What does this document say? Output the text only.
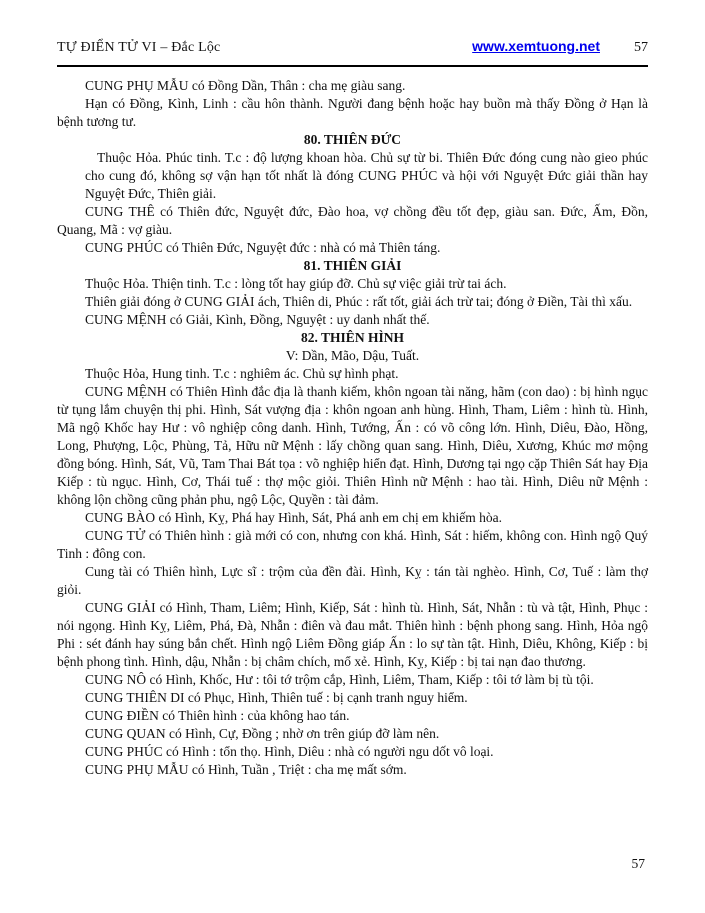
TỰ ĐIỂN TỬ VI – Đắc Lộc	www.xemtuong.net 57

CUNG PHỤ MẪU có Đồng Dần, Thân : cha mẹ giàu sang.

Hạn có Đồng, Kình, Linh : cầu hôn thành. Người đang bệnh hoặc hay buồn mà thấy Đồng ở Hạn là bệnh tương tư.

80. THIÊN ĐỨC

Thuộc Hỏa. Phúc tinh. T.c : độ lượng khoan hòa. Chủ sự từ bi. Thiên Đức đóng cung nào gieo phúc cho cung đó, không sợ vận hạn tốt nhất là đóng CUNG PHÚC và hội với Nguyệt Đức giải thần hay Nguyệt Đức, Thiên giải.

CUNG THÊ có Thiên đức, Nguyệt đức, Đào hoa, vợ chồng đều tốt đẹp, giàu san. Đức, Ấm, Đồn, Quang, Mã : vợ giàu.

CUNG PHÚC có Thiên Đức, Nguyệt đức : nhà có mả Thiên táng.

81. THIÊN GIẢI

Thuộc Hỏa. Thiện tinh. T.c : lòng tốt hay giúp đỡ. Chủ sự việc giải trừ tai ách.

Thiên giải đóng ở CUNG GIẢI ách, Thiên di, Phúc : rất tốt, giải ách trừ tai; đóng ở Điền, Tài thì xấu.

CUNG MỆNH có Giải, Kình, Đồng, Nguyệt : uy danh nhất thế.

82. THIÊN HÌNH

V: Dần, Mão, Dậu, Tuất.

Thuộc Hỏa, Hung tinh. T.c : nghiêm ác. Chủ sự hình phạt.

CUNG MỆNH có Thiên Hình đắc địa là thanh kiếm, khôn ngoan tài năng, hãm (con dao) : bị hình ngục từ tụng lắm chuyện thị phi. Hình, Sát vượng địa : khôn ngoan anh hùng. Hình, Tham, Liêm : hình tù. Hình, Mã ngộ Khốc hay Hư : vô nghiệp công danh. Hình, Tướng, Ấn : có võ công lớn. Hình, Diêu, Đào, Hồng, Long, Phượng, Lộc, Phùng, Tả, Hữu nữ Mệnh : lấy chồng quan sang. Hình, Diêu, Xương, Khúc mơ mộng đồng bóng. Hình, Sát, Vũ, Tam Thai Bát tọa : võ nghiệp hiển đạt. Hình, Dương tại ngọ cặp Thiên Sát hay Địa Kiếp : tù ngục. Hình, Cơ, Thái tuế : thợ mộc giỏi. Thiên Hình nữ Mệnh : hao tài. Hình, Diêu nữ Mệnh : không lộn chồng cũng phản phu, ngộ Lộc, Quyền : tài đảm.

CUNG BÀO có Hình, Kỵ, Phá hay Hình, Sát, Phá anh em chị em khiếm hòa.

CUNG TỬ có Thiên hình : già mới có con, nhưng con khá. Hình, Sát : hiếm, không con. Hình ngộ Quý Tinh : đông con.

Cung tài có Thiên hình, Lực sĩ : trộm của đền đài. Hình, Kỵ : tán tài nghèo. Hình, Cơ, Tuế : làm thợ giỏi.

CUNG GIẢI có Hình, Tham, Liêm; Hình, Kiếp, Sát : hình tù. Hình, Sát, Nhẫn : tù và tật, Hình, Phục : nói ngọng. Hình Kỵ, Liêm, Phá, Đà, Nhẫn : điên và đau mắt. Thiên hình : bệnh phong sang. Hình, Hỏa ngộ Phi : sét đánh hay súng bắn chết. Hình ngộ Liêm Đồng giáp Ấn : lo sự tàn tật. Hình, Diêu, Không, Kiếp : bị bệnh phong tình. Hình, dậu, Nhẫn : bị châm chích, mổ xẻ. Hình, Kỵ, Kiếp : bị tai nạn đao thương.

CUNG NÔ có Hình, Khốc, Hư : tôi tớ trộm cắp, Hình, Liêm, Tham, Kiếp : tôi tớ làm bị tù tội.

CUNG THIÊN DI có Phục, Hình, Thiên tuế : bị cạnh tranh nguy hiểm.

CUNG ĐIỀN có Thiên hình : của không hao tán.

CUNG QUAN có Hình, Cự, Đồng ; nhờ ơn trên giúp đỡ làm nên.

CUNG PHÚC có Hình : tổn thọ. Hình, Diêu : nhà có người ngu dốt vô loại.

CUNG PHỤ MẪU có Hình, Tuần , Triệt : cha mẹ mất sớm.

57
